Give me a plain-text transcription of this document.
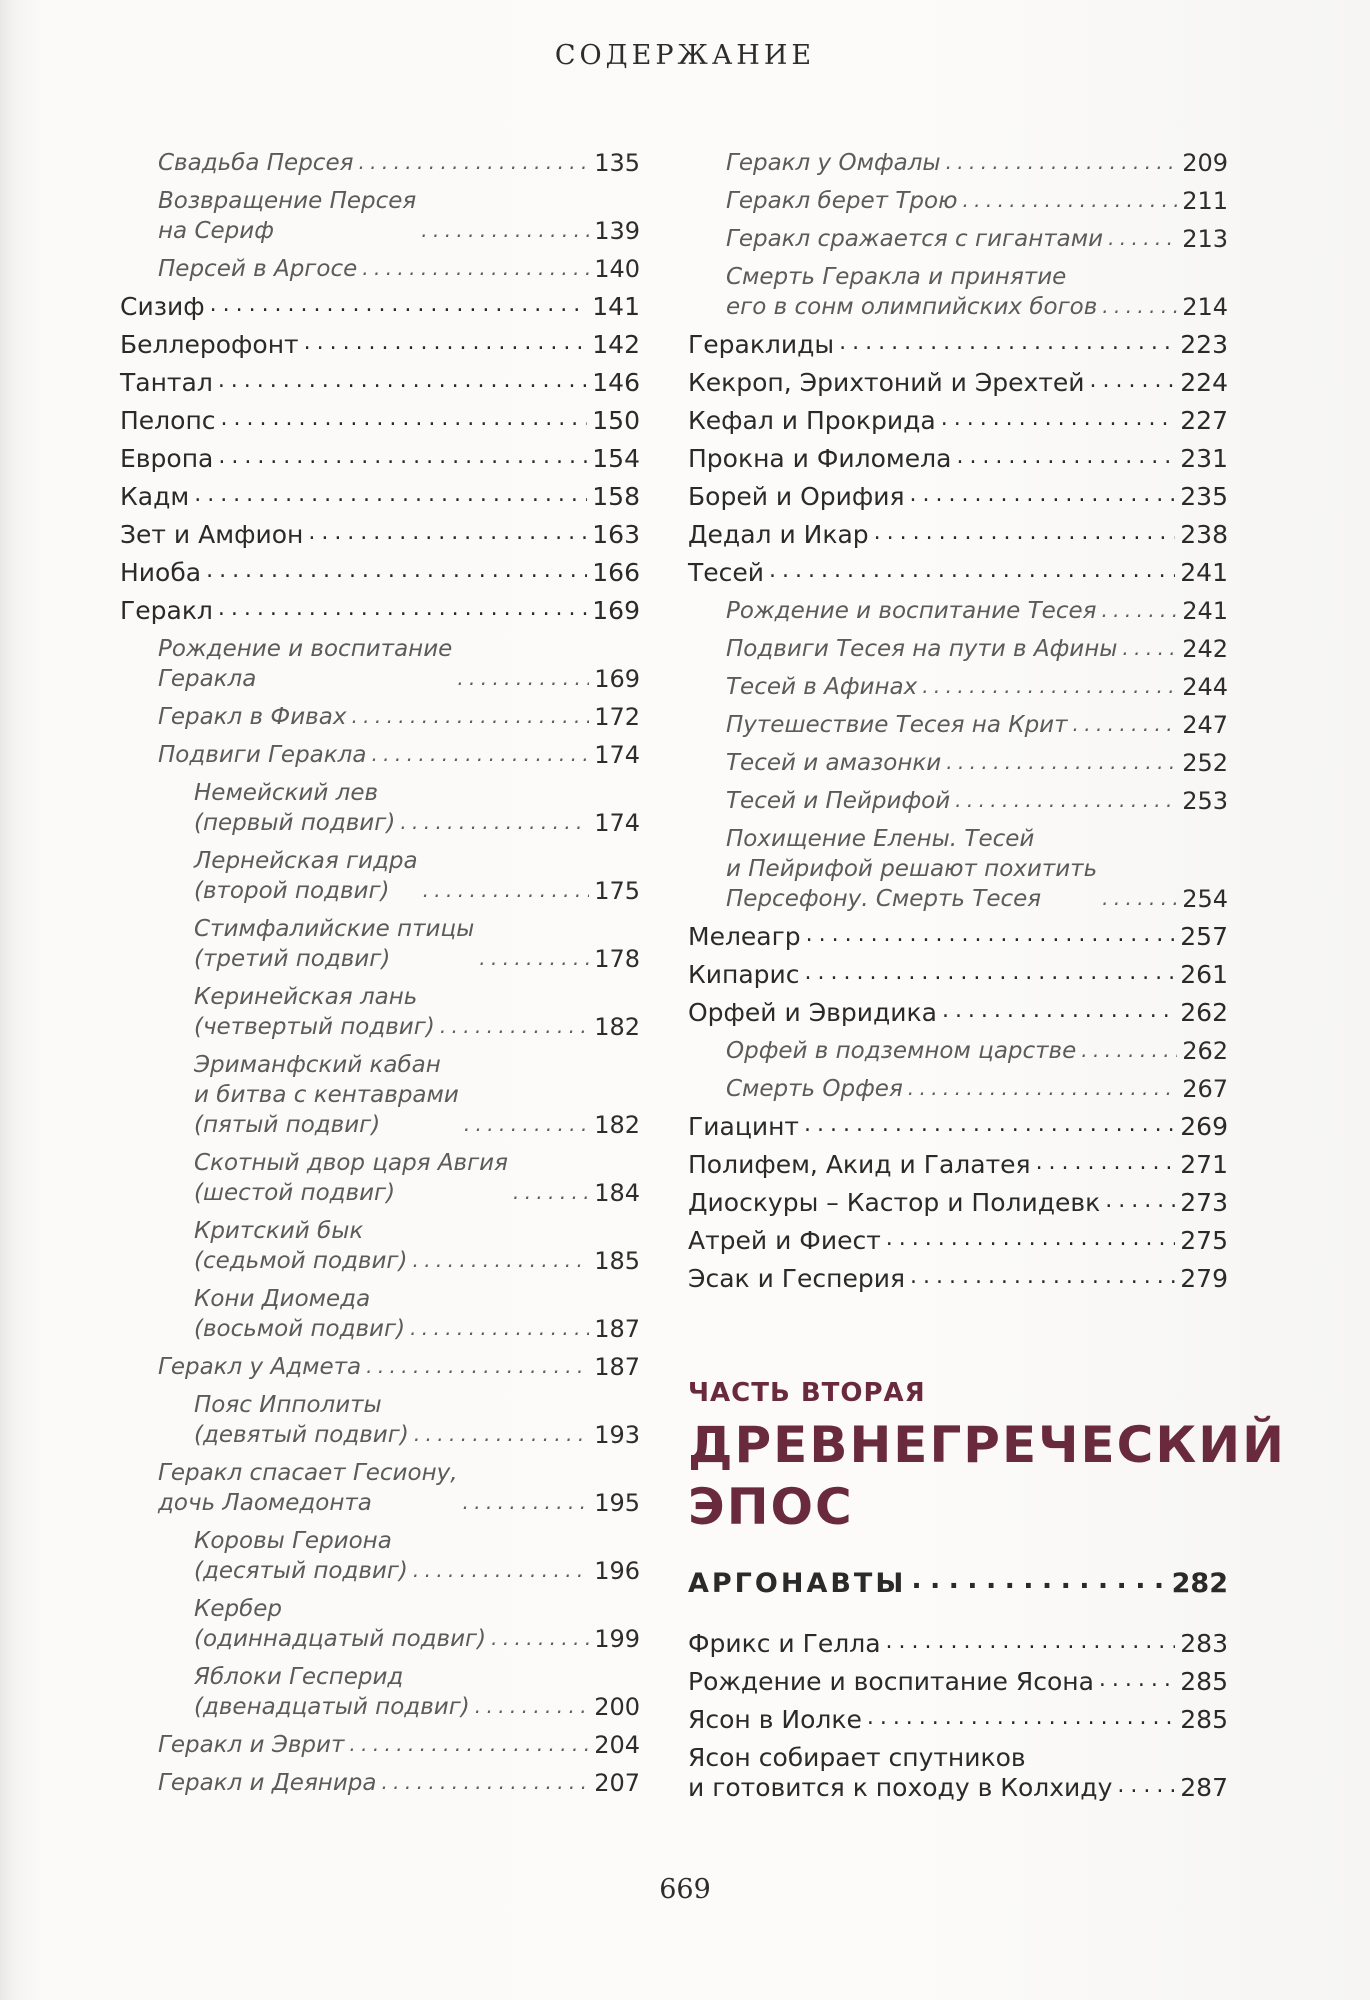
СОДЕРЖАНИЕ
Свадьба Персея . . .	135
Возвращение Персея
на Сериф . . .	139
Персей в Аргосе . . .	140
Сизиф . . .	141
Беллерофонт . . .	142
Тантал . . .	146
Пелопс . . .	150
Европа . . .	154
Кадм . . .	158
Зет и Амфион . . .	163
Ниоба . . .	166
Геракл . . .	169
Рождение и воспитание
Геракла . . .	169
Геракл в Фивах . . .	172
Подвиги Геракла . . .	174
Немейский лев
(первый подвиг) . . .	174
Лернейская гидра
(второй подвиг) . . .	175
Стимфалийские птицы
(третий подвиг) . . .	178
Керинейская лань
(четвертый подвиг) . . .	182
Эриманфский кабан
и битва с кентаврами
(пятый подвиг) . . .	182
Скотный двор царя Авгия
(шестой подвиг) . . .	184
Критский бык
(седьмой подвиг) . . .	185
Кони Диомеда
(восьмой подвиг) . . .	187
Геракл у Адмета . . .	187
Пояс Ипполиты
(девятый подвиг) . . .	193
Геракл спасает Гесиону,
дочь Лаомедонта . . .	195
Коровы Гериона
(десятый подвиг) . . .	196
Кербер
(одиннадцатый подвиг) . . .	199
Яблоки Гесперид
(двенадцатый подвиг) . . .	200
Геракл и Эврит . . .	204
Геракл и Деянира . . .	207
Геракл у Омфалы . . .	209
Геракл берет Трою . . .	211
Геракл сражается с гигантами . . .	213
Смерть Геракла и принятие
его в сонм олимпийских богов . . .	214
Гераклиды . . .	223
Кекроп, Эрихтоний и Эрехтей . . .	224
Кефал и Прокрида . . .	227
Прокна и Филомела . . .	231
Борей и Орифия . . .	235
Дедал и Икар . . .	238
Тесей . . .	241
Рождение и воспитание Тесея . . .	241
Подвиги Тесея на пути в Афины . . .	242
Тесей в Афинах . . .	244
Путешествие Тесея на Крит . . .	247
Тесей и амазонки . . .	252
Тесей и Пейрифой . . .	253
Похищение Елены. Тесей
и Пейрифой решают похитить
Персефону. Смерть Тесея . . .	254
Мелеагр . . .	257
Кипарис . . .	261
Орфей и Эвридика . . .	262
Орфей в подземном царстве . . .	262
Смерть Орфея . . .	267
Гиацинт . . .	269
Полифем, Акид и Галатея . . .	271
Диоскуры – Кастор и Полидевк . . .	273
Атрей и Фиест . . .	275
Эсак и Гесперия . . .	279
ЧАСТЬ ВТОРАЯ
ДРЕВНЕГРЕЧЕСКИЙ ЭПОС
АРГОНАВТЫ . . .	282
Фрикс и Гелла . . .	283
Рождение и воспитание Ясона . . .	285
Ясон в Иолке . . .	285
Ясон собирает спутников
и готовится к походу в Колхиду . . .	287
669
